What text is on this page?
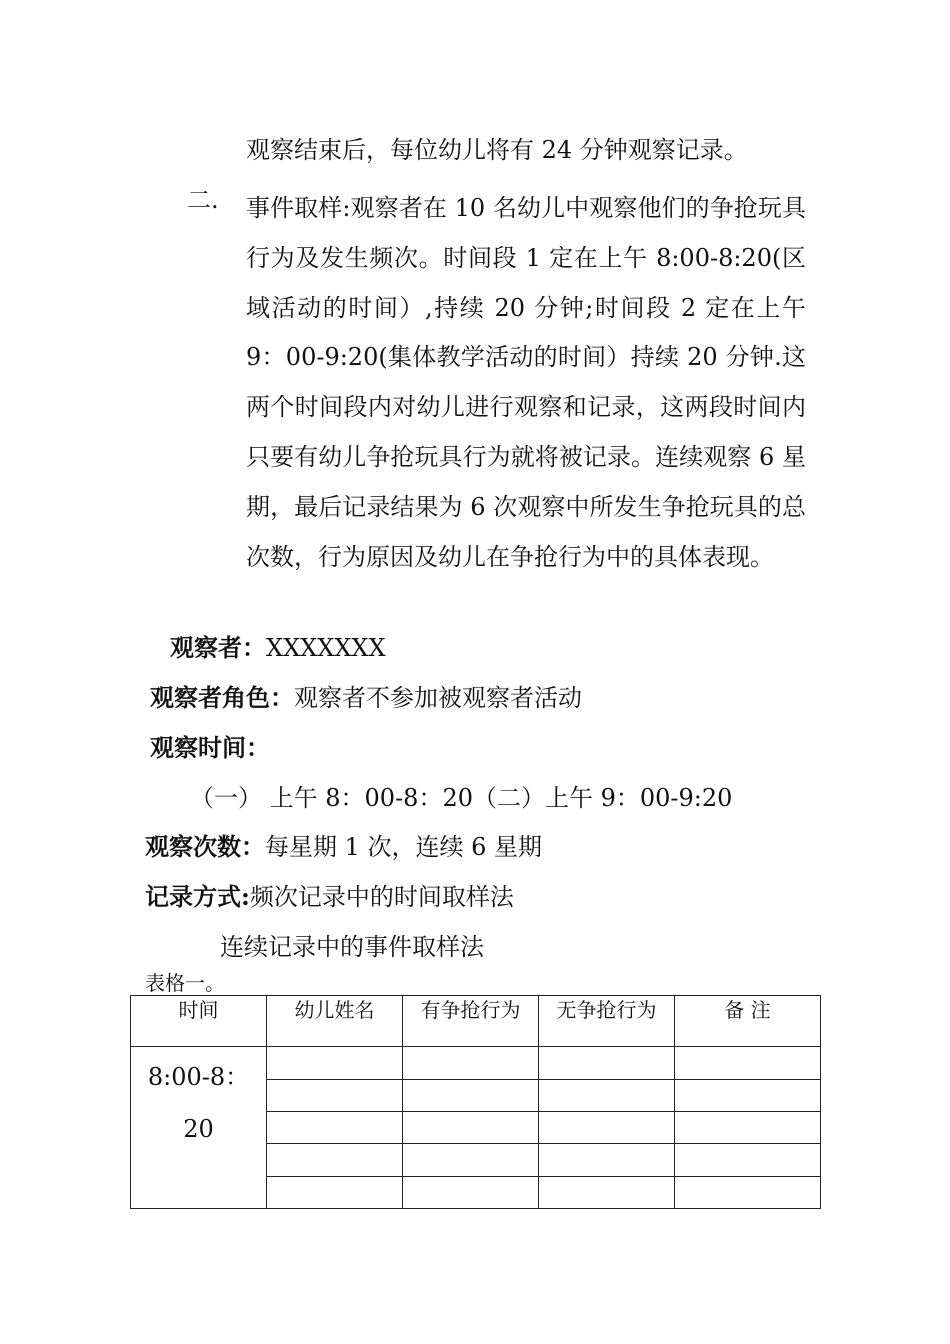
观察结束后，每位幼儿将有 24 分钟观察记录。
二. 事件取样:观察者在 10 名幼儿中观察他们的争抢玩具行为及发生频次。时间段 1 定在上午 8:00-8:20(区域活动的时间）,持续 20 分钟;时间段 2 定在上午 9：00-9:20(集体教学活动的时间）持续 20 分钟.这两个时间段内对幼儿进行观察和记录，这两段时间内只要有幼儿争抢玩具行为就将被记录。连续观察 6 星期，最后记录结果为 6 次观察中所发生争抢玩具的总次数，行为原因及幼儿在争抢行为中的具体表现。
观察者：XXXXXXX
观察者角色：观察者不参加被观察者活动
观察时间：
（一） 上午 8：00-8：20（二）上午 9：00-9:20
观察次数：每星期 1 次，连续 6 星期
记录方式:频次记录中的时间取样法
连续记录中的事件取样法
表格一。
时间	幼儿姓名	有争抢行为	无争抢行为	备 注

8:00-8：
20				
